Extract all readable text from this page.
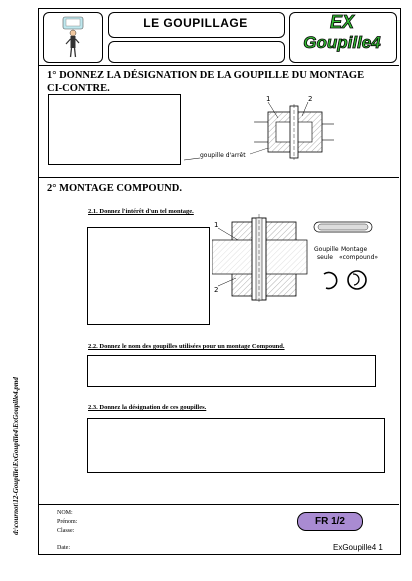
LE GOUPILLAGE	EX
Goupille4
1° DONNEZ LA DÉSIGNATION DE LA GOUPILLE DU MONTAGE CI-CONTRE.
goupille d'arrêt
1	2
2° MONTAGE COMPOUND.
2.1. Donnez l'intérêt d'un tel montage.
1
2
Goupille
seule
Montage
«compound»
2.2. Donnez le nom des goupilles utilisées pour un montage Compound.
2.3. Donnez la désignation de ces goupilles.
NOM:
Prénom:
Classe:
Date:
FR 1/2
ExGoupille4 1
d:\cournot\12-Goupille\ExGoupille4\ExGoupille4.pmd
